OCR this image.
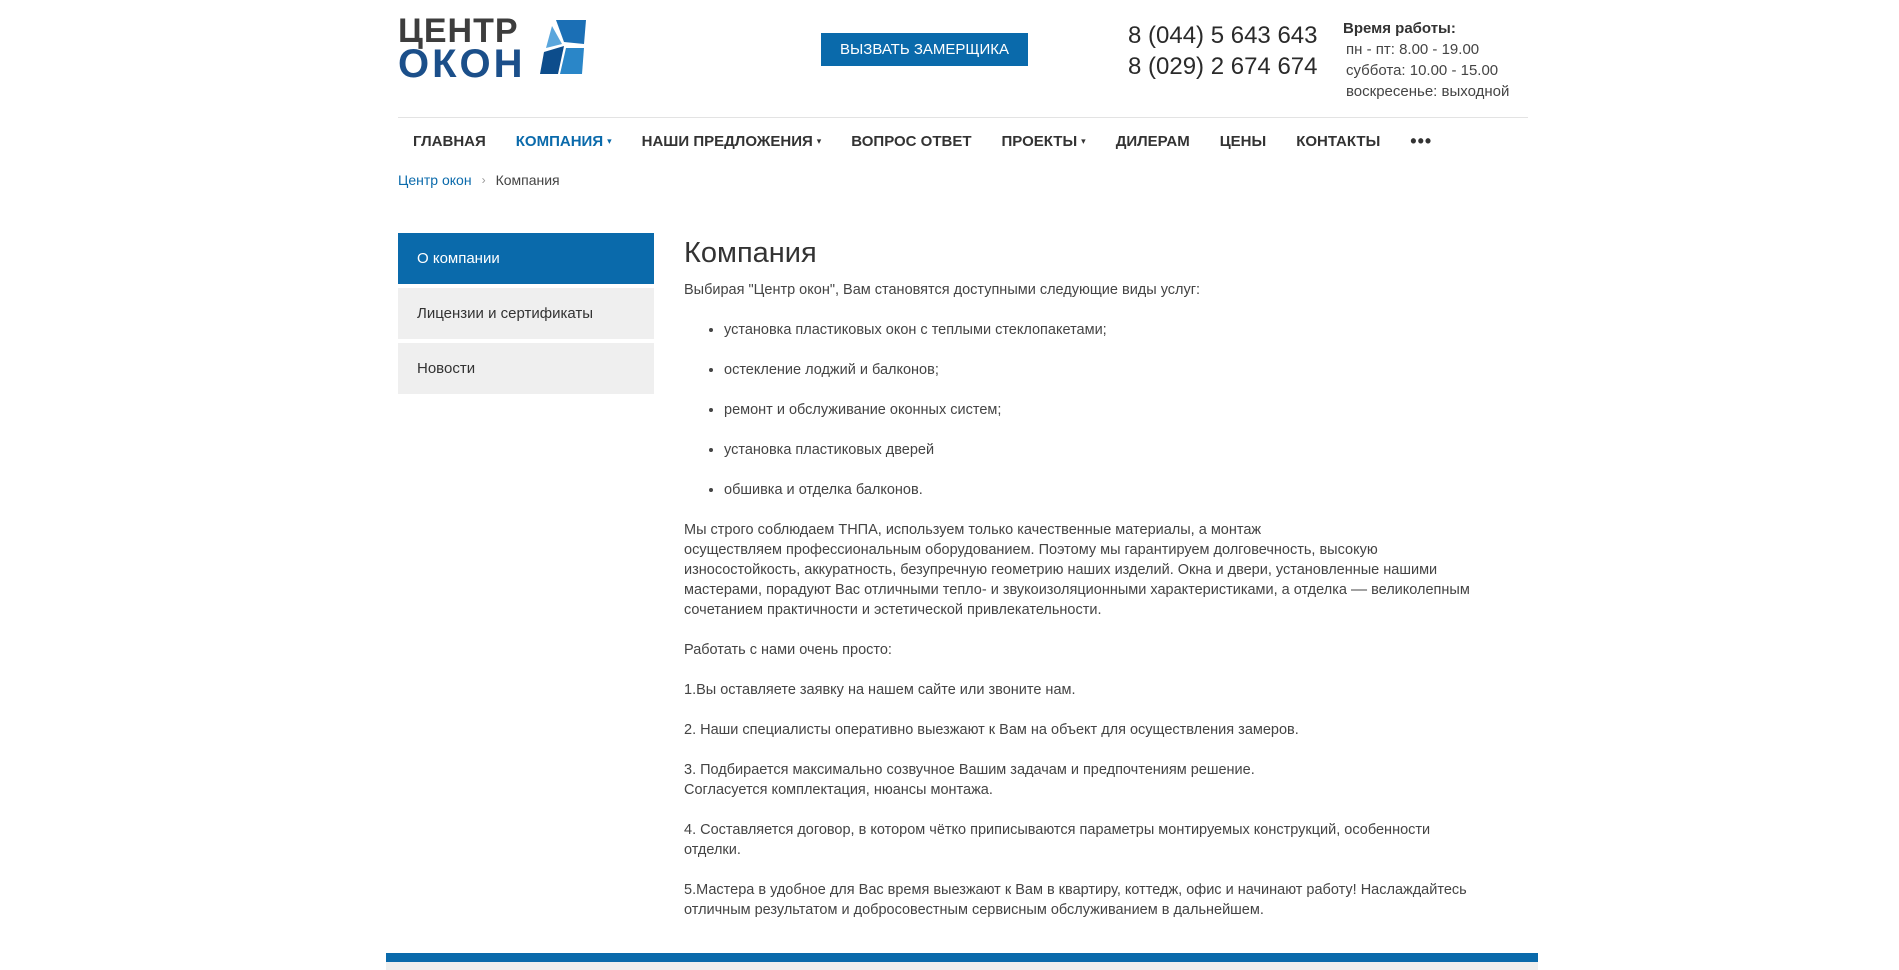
ЦЕНТР
ОКОН	ВЫЗВАТЬ ЗАМЕРЩИКА
8 (044) 5 643 643
8 (029) 2 674 674
Время работы:
пн - пт: 8.00 - 19.00
суббота: 10.00 - 15.00
воскресенье: выходной
ГЛАВНАЯ КОМПАНИЯ ▾ НАШИ ПРЕДЛОЖЕНИЯ ▾ ВОПРОС ОТВЕТ ПРОЕКТЫ ▾ ДИЛЕРАМ ЦЕНЫ КОНТАКТЫ •••
Центр окон › Компания
О компании
Лицензии и сертификаты
Новости
Компания

Выбирая "Центр окон", Вам становятся доступными следующие виды услуг:

• установка пластиковых окон с теплыми стеклопакетами;
• остекление лоджий и балконов;
• ремонт и обслуживание оконных систем;
• установка пластиковых дверей
• обшивка и отделка балконов.

Мы строго соблюдаем ТНПА, используем только качественные материалы, а монтаж
осуществляем профессиональным оборудованием. Поэтому мы гарантируем долговечность, высокую
износостойкость, аккуратность, безупречную геометрию наших изделий. Окна и двери, установленные нашими
мастерами, порадуют Вас отличными тепло- и звукоизоляционными характеристиками, а отделка –– великолепным
сочетанием практичности и эстетической привлекательности.

Работать с нами очень просто:

1.Вы оставляете заявку на нашем сайте или звоните нам.

2. Наши специалисты оперативно выезжают к Вам на объект для осуществления замеров.

3. Подбирается максимально созвучное Вашим задачам и предпочтениям решение.
Согласуется комплектация, нюансы монтажа.

4. Составляется договор, в котором чётко приписываются параметры монтируемых конструкций, особенности
отделки.

5.Мастера в удобное для Вас время выезжают к Вам в квартиру, коттедж, офис и начинают работу! Наслаждайтесь
отличным результатом и добросовестным сервисным обслуживанием в дальнейшем.
